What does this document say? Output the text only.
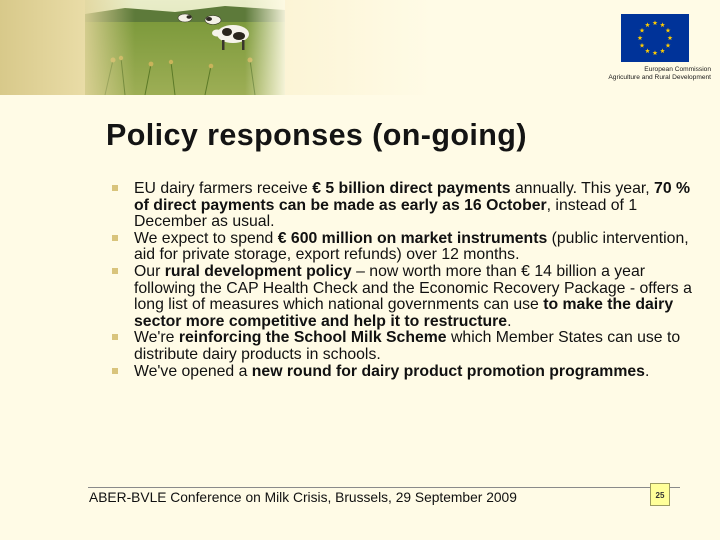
European Commission
Agriculture and Rural Development
Policy responses (on-going)
EU dairy farmers receive € 5 billion direct payments annually. This year, 70 % of direct payments can be made as early as 16 October, instead of 1 December as usual.
We expect to spend € 600 million on market instruments (public intervention, aid for private storage, export refunds) over 12 months.
Our rural development policy – now worth more than € 14 billion a year following the CAP Health Check and the Economic Recovery Package - offers a long list of measures which national governments can use to make the dairy sector more competitive and help it to restructure.
We're reinforcing the School Milk Scheme which Member States can use to distribute dairy products in schools.
We've opened a new round for dairy product promotion programmes.
ABER-BVLE Conference on Milk Crisis, Brussels, 29 September 2009	25
